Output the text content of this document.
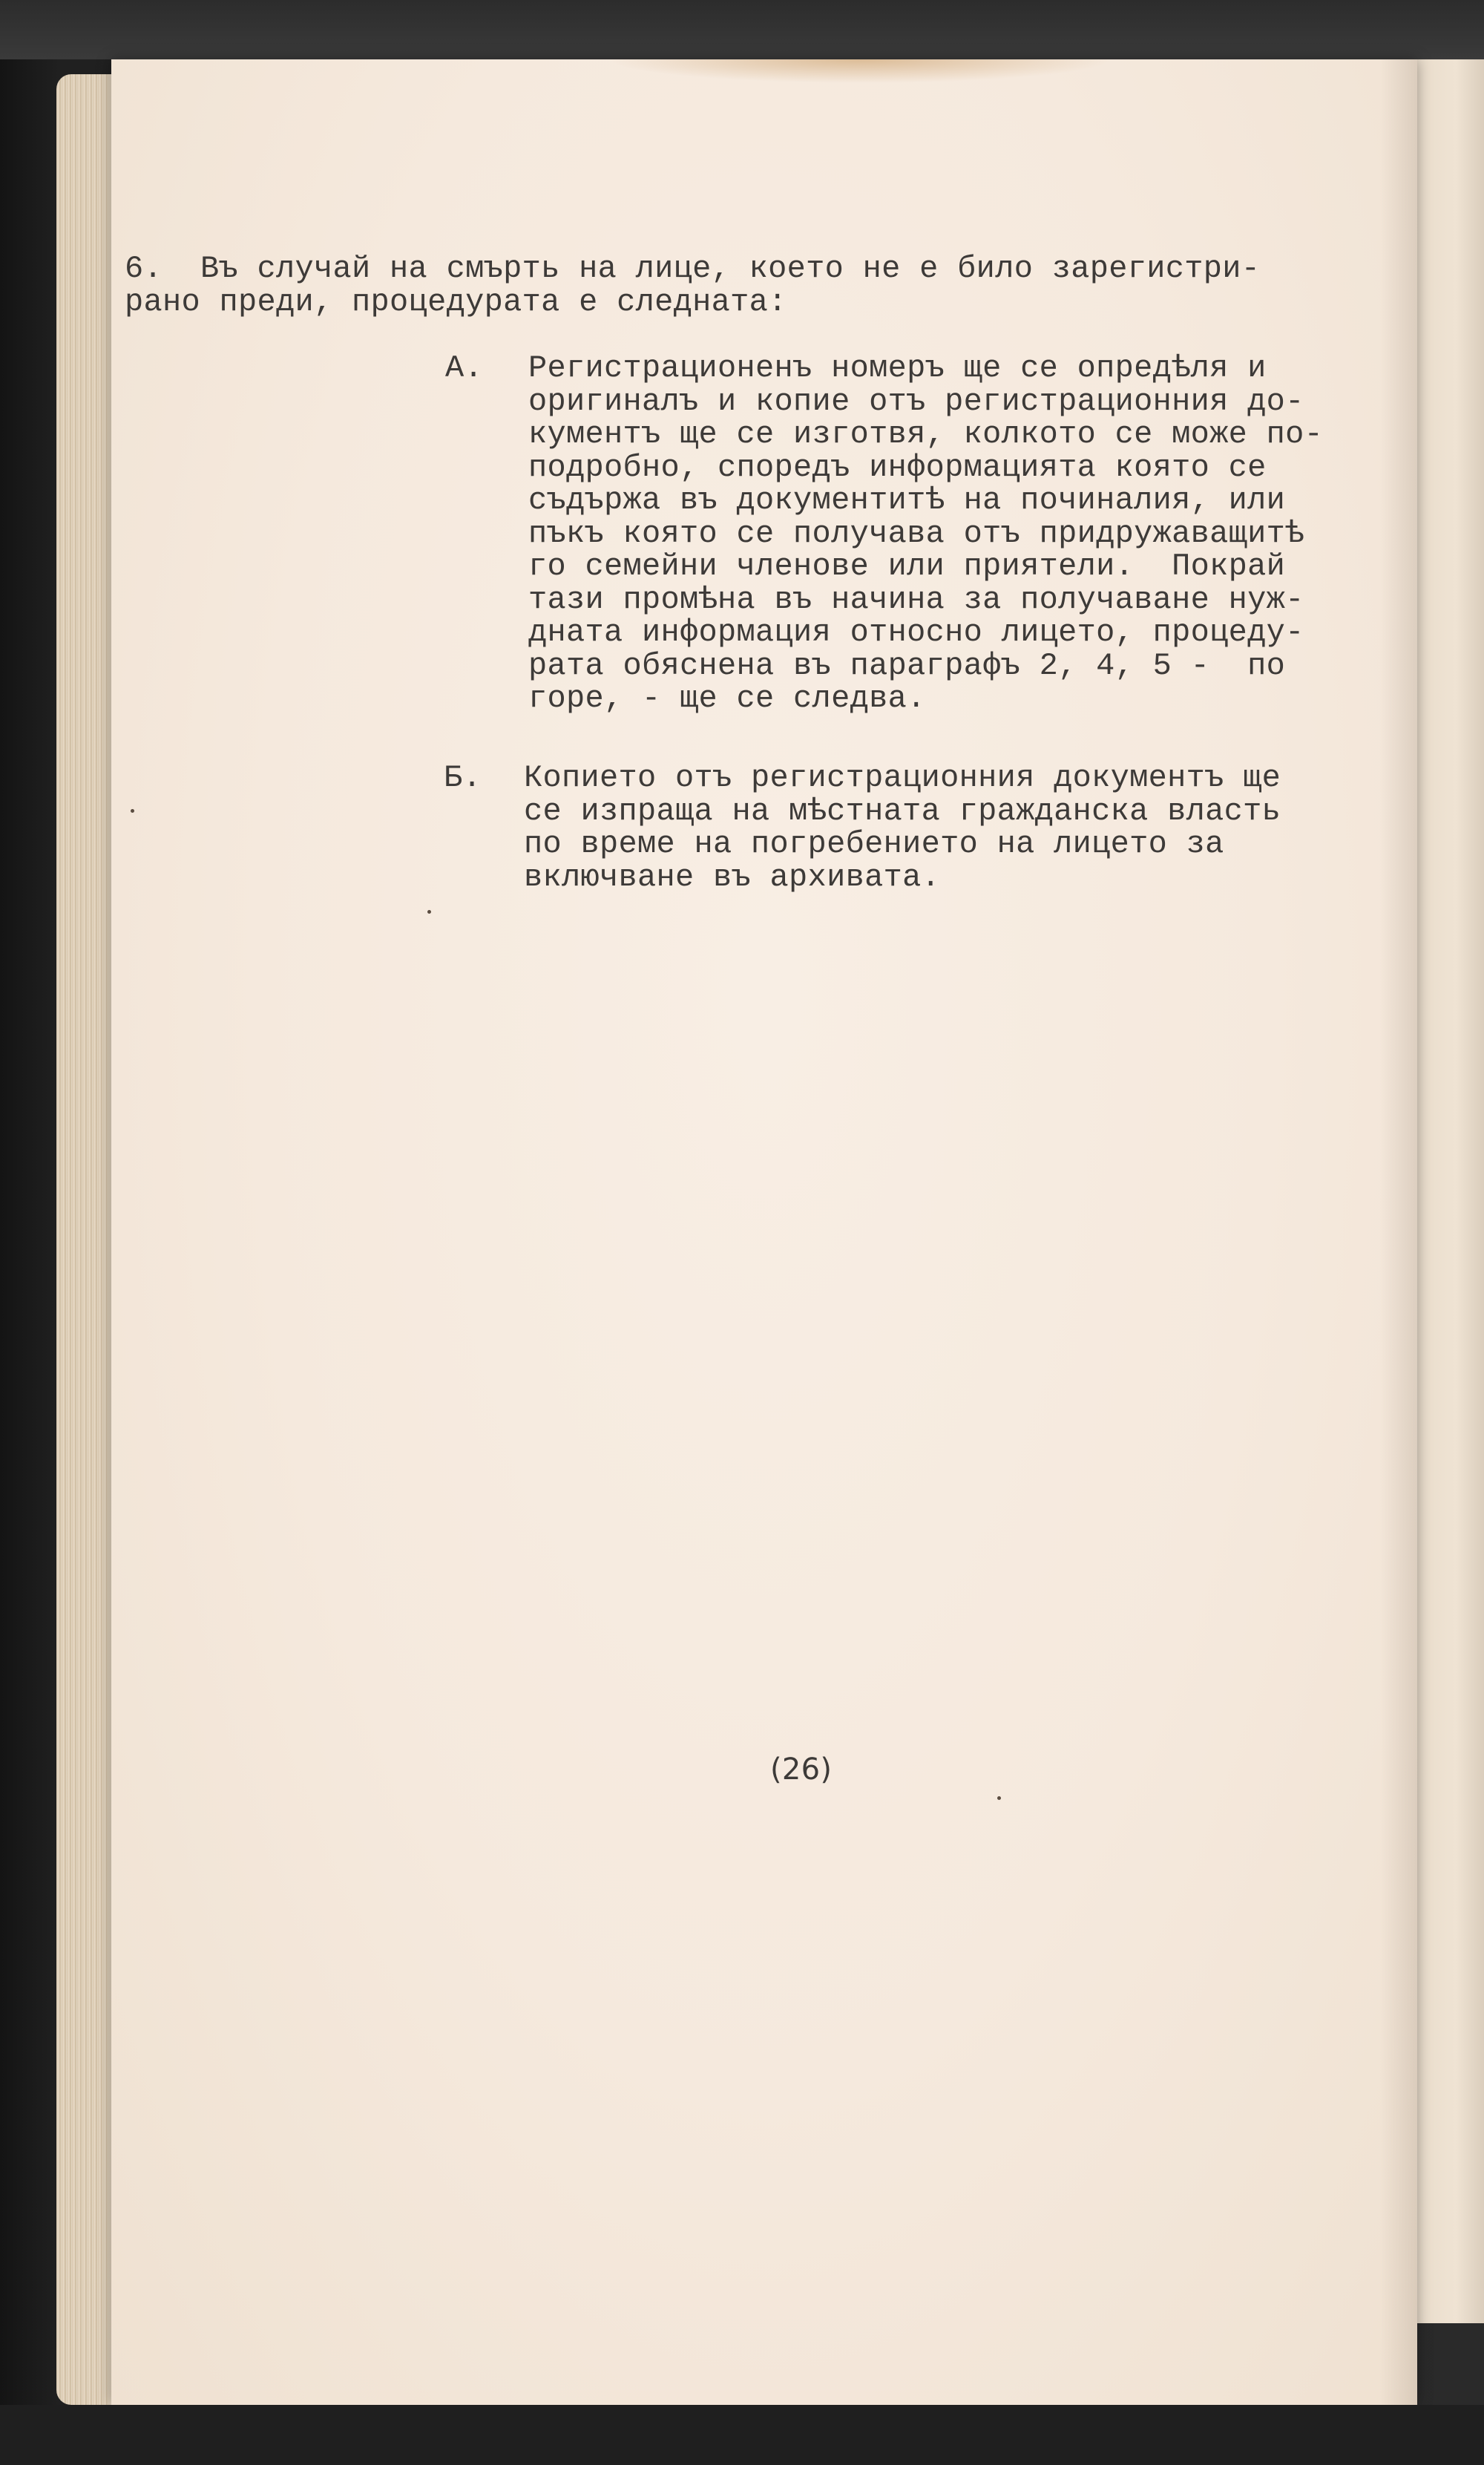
6.  Въ случай на смърть на лице, което не е било зарегистри-
рано преди, процедурата е следната:
А. Регистрационенъ номеръ ще се опредѣля и
оригиналъ и копие отъ регистрационния до-
кументъ ще се изготвя, колкото се може по-
подробно, споредъ информацията която се
съдържа въ документитѣ на починалия, или
пъкъ която се получава отъ придружаващитѣ
го семейни членове или приятели.  Покрай
тази промѣна въ начина за получаване нуж-
дната информация относно лицето, процеду-
рата обяснена въ параграфъ 2, 4, 5 -  по
горе, - ще се следва.
Б. Копието отъ регистрационния документъ ще
се изпраща на мѣстната гражданска власть
по време на погребението на лицето за
включване въ архивата.
(26)
